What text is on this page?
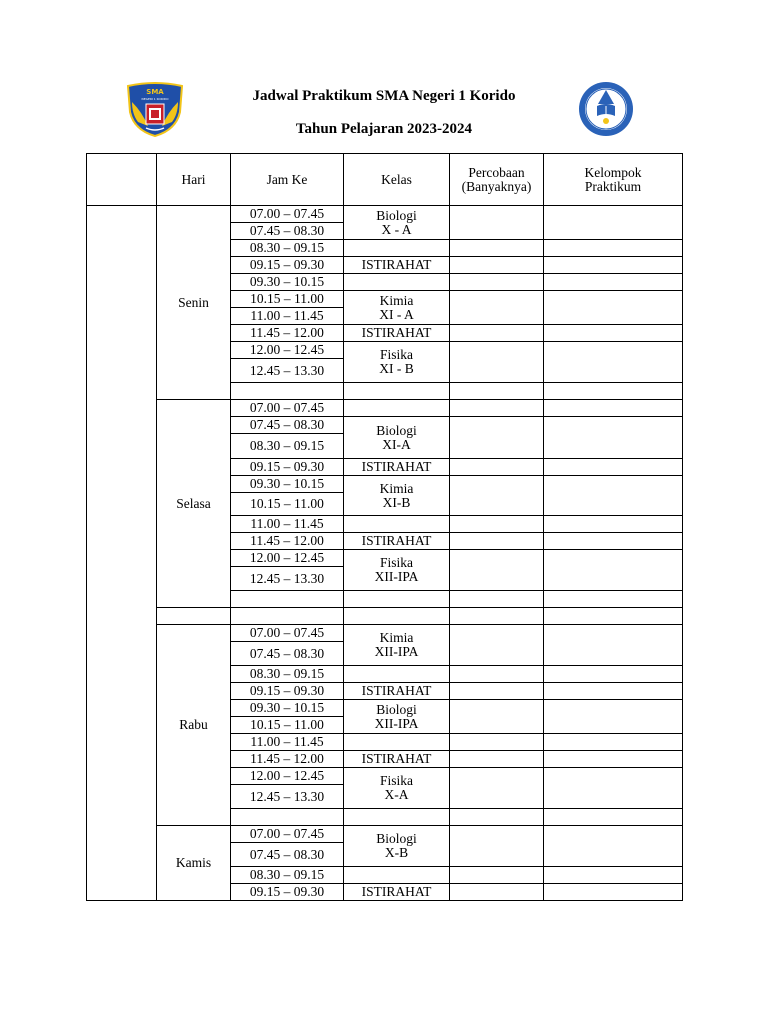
SMA
NEGERI 1 KORIDO	Jadwal Praktikum SMA Negeri 1 Korido
Tahun Pelajaran 2023-2024
	Hari	Jam Ke	Kelas	Percobaan (Banyaknya)	Kelompok Praktikum
	Senin	07.00 – 07.45	Biologi
X - A		
		07.45 – 08.30			
		08.30 – 09.15			
		09.15 – 09.30	ISTIRAHAT		
		09.30 – 10.15			
		10.15 – 11.00	Kimia
XI - A		
		11.00 – 11.45			
		11.45 – 12.00	ISTIRAHAT		
		12.00 – 12.45	Fisika
XI - B		
		12.45 – 13.30			

	Selasa	07.00 – 07.45			
		07.45 – 08.30	Biologi
XI-A		
		08.30 – 09.15			
		09.15 – 09.30	ISTIRAHAT		
		09.30 – 10.15	Kimia
XI-B		
		10.15 – 11.00			
		11.00 – 11.45			
		11.45 – 12.00	ISTIRAHAT		
		12.00 – 12.45	Fisika
XII-IPA		
		12.45 – 13.30			

	Rabu	07.00 – 07.45	Kimia
XII-IPA		
		07.45 – 08.30			
		08.30 – 09.15			
		09.15 – 09.30	ISTIRAHAT		
		09.30 – 10.15	Biologi
XII-IPA		
		10.15 – 11.00			
		11.00 – 11.45			
		11.45 – 12.00	ISTIRAHAT		
		12.00 – 12.45	Fisika
X-A		
		12.45 – 13.30			

	Kamis	07.00 – 07.45	Biologi
X-B		
		07.45 – 08.30			
		08.30 – 09.15			
		09.15 – 09.30	ISTIRAHAT		
